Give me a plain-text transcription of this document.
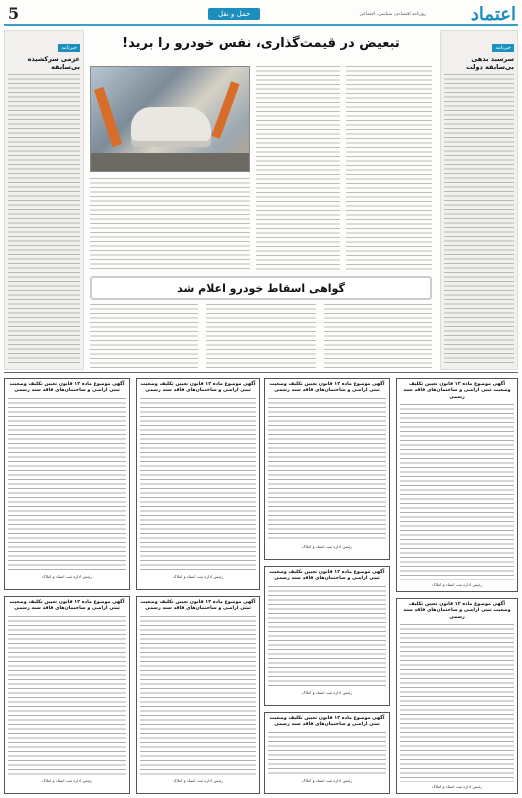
اعتماد
روزنامه اقتصادی، سیاسی، اجتماعی
حمل و نقل
5
خبرنامه
سرسبد بدهی بی‌سابقه دولت
خبرنامه
عزمی سرکشیده بی‌سابقه
تبعیض در قیمت‌گذاری، نفس خودرو را برید!
گواهی اسقاط خودرو اعلام شد
آگهی موضوع ماده ۱۲ قانون تعیین تکلیف وضعیت ثبتی اراضی و ساختمان‌های فاقد سند رسمی
رئیس اداره ثبت اسناد و املاک
آگهی موضوع ماده ۱۲ قانون تعیین تکلیف وضعیت ثبتی اراضی و ساختمان‌های فاقد سند رسمی
رئیس اداره ثبت اسناد و املاک
آگهی موضوع ماده ۱۲ قانون تعیین تکلیف وضعیت ثبتی اراضی و ساختمان‌های فاقد سند رسمی
رئیس اداره ثبت اسناد و املاک
آگهی موضوع ماده ۱۲ قانون تعیین تکلیف وضعیت ثبتی اراضی و ساختمان‌های فاقد سند رسمی
رئیس اداره ثبت اسناد و املاک
آگهی موضوع ماده ۱۲ قانون تعیین تکلیف وضعیت ثبتی اراضی و ساختمان‌های فاقد سند رسمی
رئیس اداره ثبت اسناد و املاک
آگهی موضوع ماده ۱۲ قانون تعیین تکلیف وضعیت ثبتی اراضی و ساختمان‌های فاقد سند رسمی
رئیس اداره ثبت اسناد و املاک
آگهی موضوع ماده ۱۲ قانون تعیین تکلیف وضعیت ثبتی اراضی و ساختمان‌های فاقد سند رسمی
رئیس اداره ثبت اسناد و املاک
آگهی موضوع ماده ۱۲ قانون تعیین تکلیف وضعیت ثبتی اراضی و ساختمان‌های فاقد سند رسمی
رئیس اداره ثبت اسناد و املاک
آگهی موضوع ماده ۱۲ قانون تعیین تکلیف وضعیت ثبتی اراضی و ساختمان‌های فاقد سند رسمی
رئیس اداره ثبت اسناد و املاک
